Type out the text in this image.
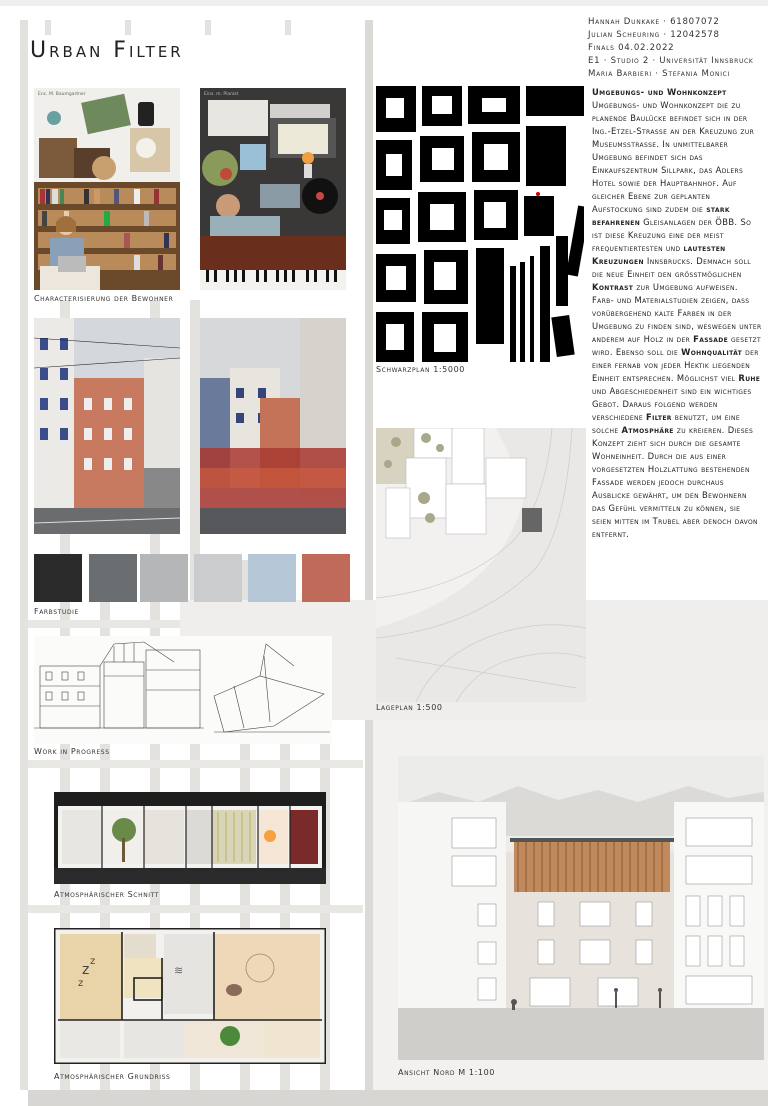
Urban Filter
Hannah Dunkake · 61807072
Julian Scheuring · 12042578
Finals 04.02.2022
E1 · Studio 2 · Universität Innsbruck
Maria Barbieri · Stefania Monici
Enc. M. Baumgartner	Eins. m. Pianist
Characterisierung der Bewohner
Farbstudie
Work in Progress
Atmosphärischer Schnitt
z
z
z
≋
Atmosphärischer Grundriss
Schwarzplan 1:5000
Lageplan 1:500
Ansicht Nord M 1:100
Umgebungs- und Wohnkonzept
Umgebungs- und Wohnkonzept die zu planende Baulücke befindet sich in der Ing.-Etzel-Strasse an der Kreuzung zur Museumsstrasse. In unmittelbarer Umgebung befindet sich das Einkaufszentrum Sillpark, das Adlers Hotel sowie der Hauptbahnhof. Auf gleicher Ebene zur geplanten Aufstockung sind zudem die stark befahrenen Gleisanlagen der ÖBB. So ist diese Kreuzung eine der meist frequentiertesten und lautesten Kreuzungen Innsbrucks. Demnach soll die neue Einheit den grösstmöglichen Kontrast zur Umgebung aufweisen. Farb- und Materialstudien zeigen, dass vorübergehend kalte Farben in der Umgebung zu finden sind, weswegen unter anderem auf Holz in der Fassade gesetzt wird. Ebenso soll die Wohnqualität der einer fernab von jeder Hektik liegenden Einheit entsprechen. Möglichst viel Ruhe und Abgeschiedenheit sind ein wichtiges Gebot. Daraus folgend werden verschiedene Filter benutzt, um eine solche Atmosphäre zu kreieren. Dieses Konzept zieht sich durch die gesamte Wohneinheit. Durch die aus einer vorgesetzten Holzlattung bestehenden Fassade werden jedoch durchaus Ausblicke gewährt, um den Bewohnern das Gefühl vermitteln zu können, sie seien mitten im Trubel aber denoch davon entfernt.
